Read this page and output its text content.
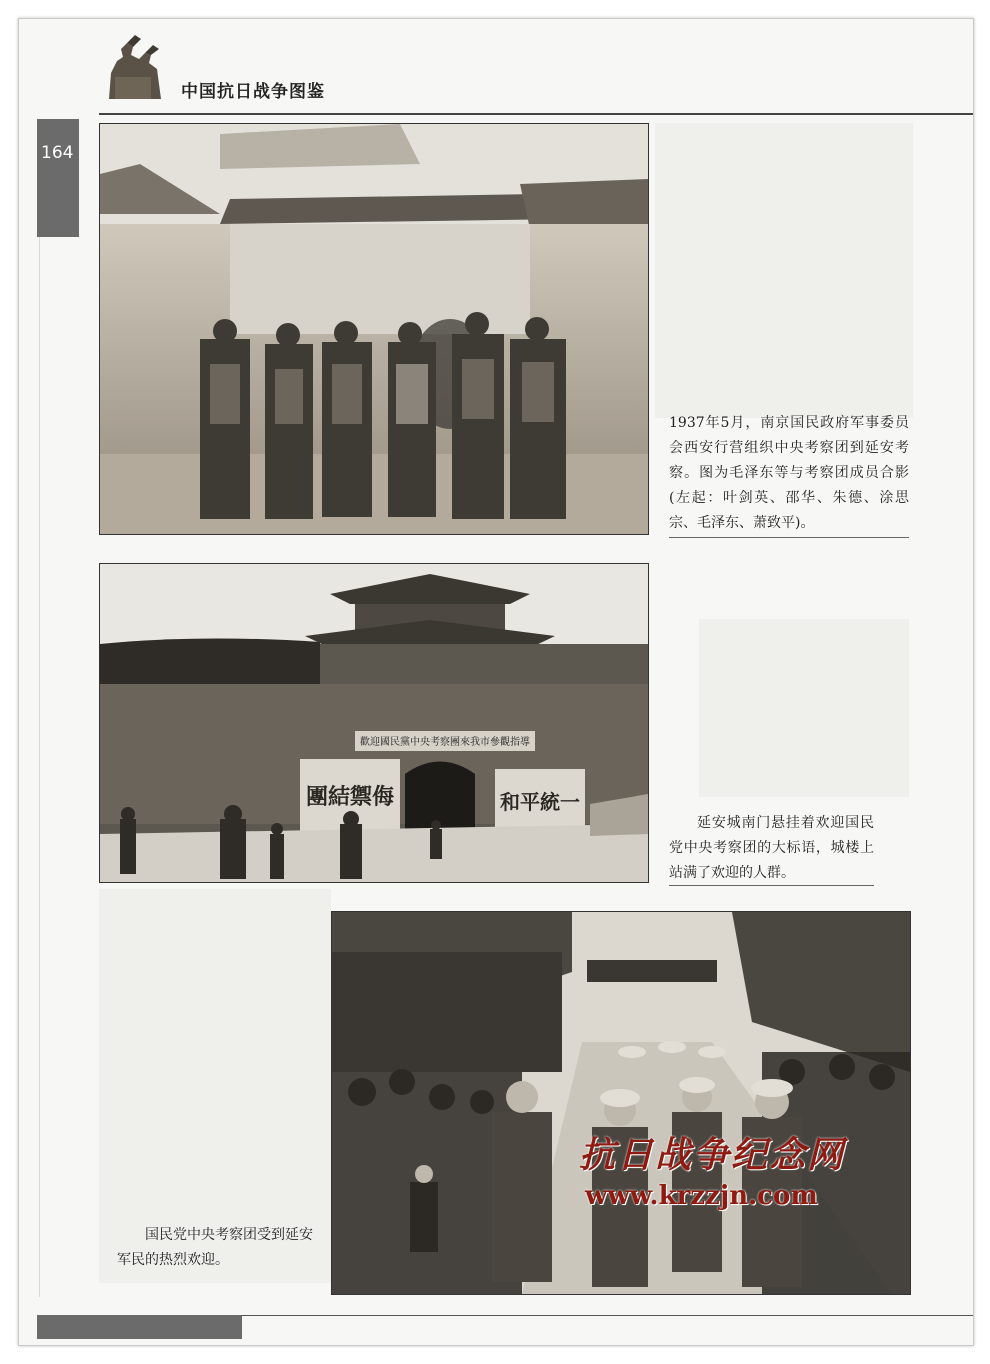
中国抗日战争图鉴
164
1937年5月，南京国民政府军事委员会西安行营组织中央考察团到延安考察。图为毛泽东等与考察团成员合影(左起：叶剑英、邵华、朱德、涂思宗、毛泽东、萧致平)。
歡迎國民黨中央考察團來我市參觀指導
團結禦侮	和平統一
延安城南门悬挂着欢迎国民党中央考察团的大标语，城楼上站满了欢迎的人群。
国民党中央考察团受到延安军民的热烈欢迎。
抗日战争纪念网
www.krzzjn.com
